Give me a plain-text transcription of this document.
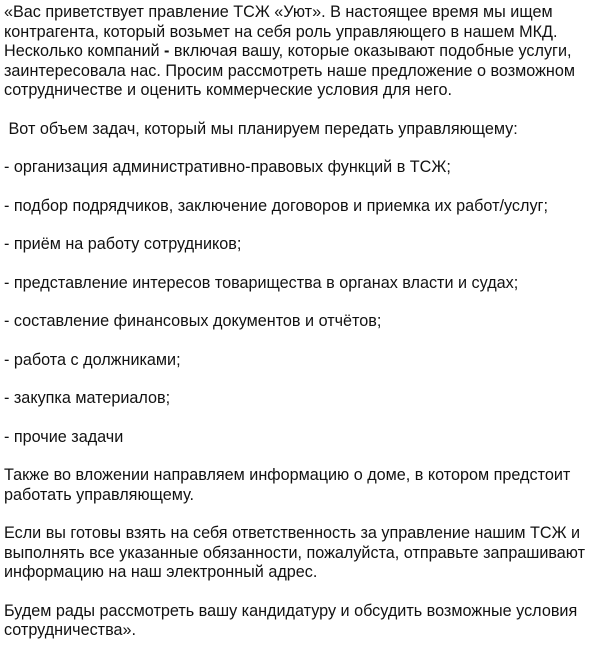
«Вас приветствует правление ТСЖ «Уют». В настоящее время мы ищем

контрагента, который возьмет на себя роль управляющего в нашем МКД.

Несколько компаний - включая вашу, которые оказывают подобные услуги,

заинтересовала нас. Просим рассмотреть наше предложение о возможном

сотрудничестве и оценить коммерческие условия для него.

Вот объем задач, который мы планируем передать управляющему:

- организация административно-правовых функций в ТСЖ;

- подбор подрядчиков, заключение договоров и приемка их работ/услуг;

- приём на работу сотрудников;

- представление интересов товарищества в органах власти и судах;

- составление финансовых документов и отчётов;

- работа с должниками;

- закупка материалов;

- прочие задачи

Также во вложении направляем информацию о доме, в котором предстоит

работать управляющему.

Если вы готовы взять на себя ответственность за управление нашим ТСЖ и

выполнять все указанные обязанности, пожалуйста, отправьте запрашивают

информацию на наш электронный адрес.

Будем рады рассмотреть вашу кандидатуру и обсудить возможные условия

сотрудничества».
